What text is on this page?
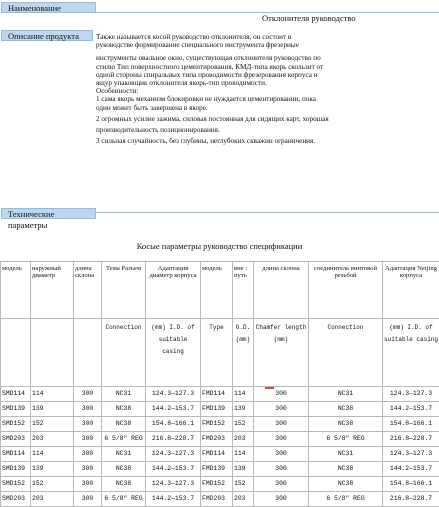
Наименование
Отклонителя руководство
Описание продукта	Также называется косой руководство отклонителя, он состоит в

руководстве формирование специального инструмента фрезерные

инструменты овальное окно, существующая отклонителя руководство по

стилю Тип поверхностного цементирования, КМД-типа якорь скользит от

одной стороны спиральных типа проводимости фрезерования корпуса и

ящур упаковщик отклонителя якорь-тип проводимости.

Особенности:

1 сама якорь механизм блокировки не нуждается цементировании, пока

один может быть завершена в якоре.

2 огромных усилие зажима, силовая постоянная для сидящих карт, хорошая

производительность позиционирования.

3 сильная случайность, без глубины, неглубоких скважин ограничения.

Технические параметры
Косые параметры руководство спецификации
модель	наружный диаметр	длина склона	Тема Разъем	Адаптация диаметр корпуса	модель	вне : путь	длина склона	соединитель винтовой резьбой	Адаптация Neijing корпуса
			Connection	(mm) I.D. of suitable casing	Type	O.D. (mm)	Chamfer length (mm)	Connection	(mm) I.D. of suitable casing
SMD114	114	300	NC31	124.3—127.3	FMD114	114	300	NC31	124.3—127.3
SMD139	139	300	NC38	144.2—153.7	FMD139	139	300	NC38	144.2—153.7
SMD152	152	300	NC38	154.8—166.1	FMD152	152	300	NC38	154.8—166.1
SMD203	203	300	6 5/8" REG	216.8—228.7	FMD203	203	300	6 5/8" REG	216.8—228.7
SMD114	114	300	NC31	124.3—127.3	FMD114	114	300	NC31	124.3—127.3
SMD139	139	300	NC38	144.2—153.7	FMD139	139	300	NC38	144.2—153.7
SMD152	152	300	NC38	124.3—127.3	FMD152	152	300	NC38	154.8—166.1
SMD203	203	300	6 5/8" REG	144.2—153.7	FMD203	203	300	6 5/8" REG	216.8—228.7
